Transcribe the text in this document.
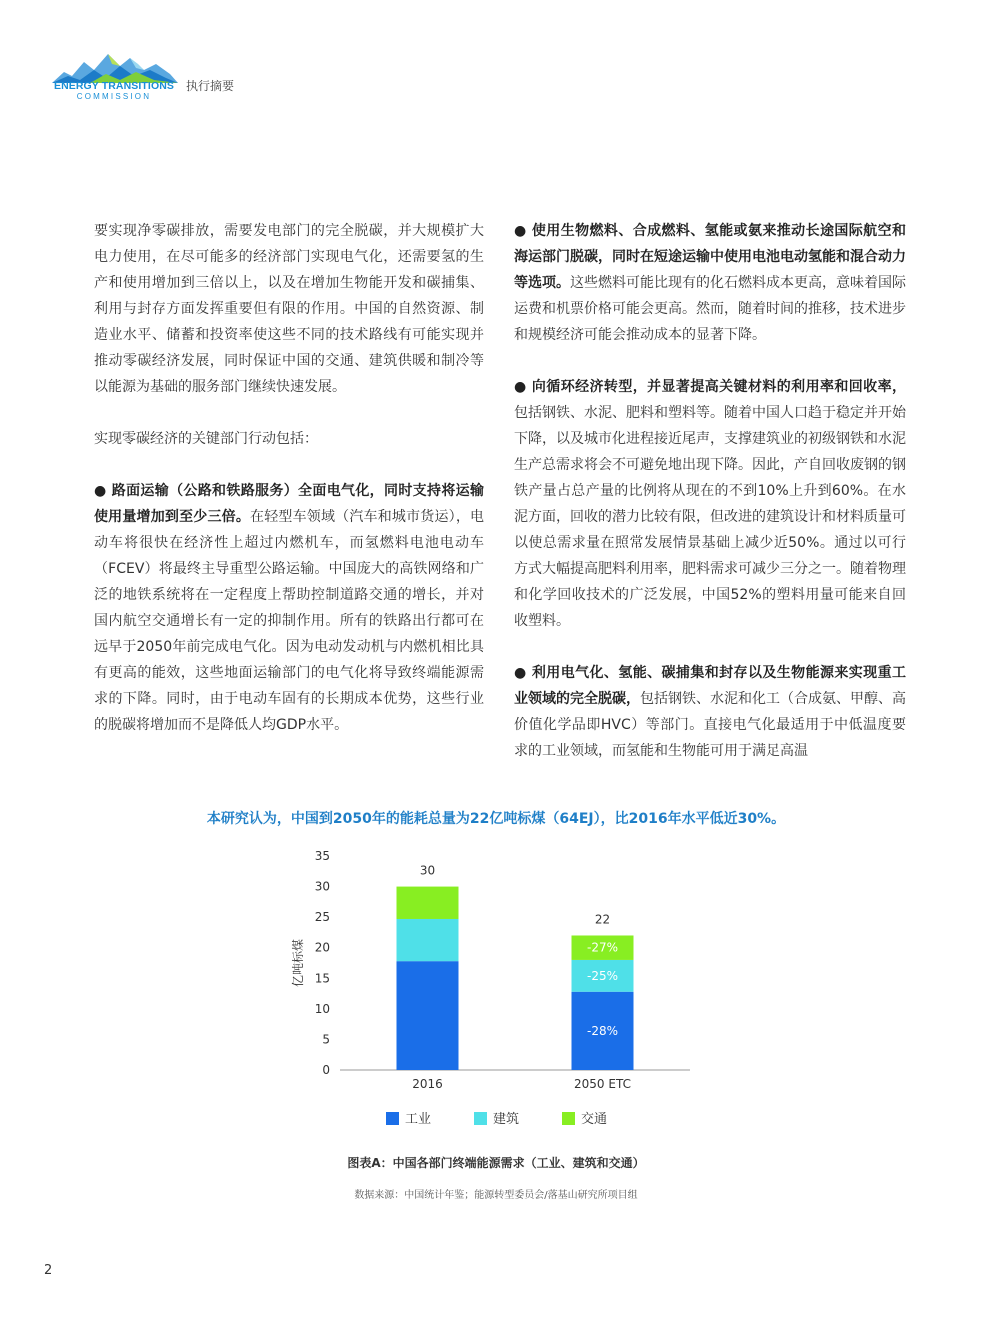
ENERGY TRANSITIONS
COMMISSION
执行摘要

要实现净零碳排放，需要发电部门的完全脱碳，并大规模扩大电力使用，在尽可能多的经济部门实现电气化，还需要氢的生产和使用增加到三倍以上，以及在增加生物能开发和碳捕集、利用与封存方面发挥重要但有限的作用。中国的自然资源、制造业水平、储蓄和投资率使这些不同的技术路线有可能实现并推动零碳经济发展，同时保证中国的交通、建筑供暖和制冷等以能源为基础的服务部门继续快速发展。

实现零碳经济的关键部门行动包括：

● 路面运输（公路和铁路服务）全面电气化，同时支持将运输使用量增加到至少三倍。在轻型车领域（汽车和城市货运），电动车将很快在经济性上超过内燃机车，而氢燃料电池电动车（FCEV）将最终主导重型公路运输。中国庞大的高铁网络和广泛的地铁系统将在一定程度上帮助控制道路交通的增长，并对国内航空交通增长有一定的抑制作用。所有的铁路出行都可在远早于2050年前完成电气化。因为电动发动机与内燃机相比具有更高的能效，这些地面运输部门的电气化将导致终端能源需求的下降。同时，由于电动车固有的长期成本优势，这些行业的脱碳将增加而不是降低人均GDP水平。

● 使用生物燃料、合成燃料、氢能或氨来推动长途国际航空和海运部门脱碳，同时在短途运输中使用电池电动氢能和混合动力等选项。这些燃料可能比现有的化石燃料成本更高，意味着国际运费和机票价格可能会更高。然而，随着时间的推移，技术进步和规模经济可能会推动成本的显著下降。

● 向循环经济转型，并显著提高关键材料的利用率和回收率，包括钢铁、水泥、肥料和塑料等。随着中国人口趋于稳定并开始下降，以及城市化进程接近尾声，支撑建筑业的初级钢铁和水泥生产总需求将会不可避免地出现下降。因此，产自回收废钢的钢铁产量占总产量的比例将从现在的不到10%上升到60%。在水泥方面，回收的潜力比较有限，但改进的建筑设计和材料质量可以使总需求量在照常发展情景基础上减少近50%。通过以可行方式大幅提高肥料利用率，肥料需求可减少三分之一。随着物理和化学回收技术的广泛发展，中国52%的塑料用量可能来自回收塑料。

● 利用电气化、氢能、碳捕集和封存以及生物能源来实现重工业领域的完全脱碳，包括钢铁、水泥和化工（合成氨、甲醇、高价值化学品即HVC）等部门。直接电气化最适用于中低温度要求的工业领域，而氢能和生物能可用于满足高温

本研究认为，中国到2050年的能耗总量为22亿吨标煤（64EJ），比2016年水平低近30%。
0
5
10
15
20
25
30
35
亿吨标煤
30
2016
-28%
-25%
-27%
22
2050 ETC
工业	建筑	交通
图表A：中国各部门终端能源需求（工业、建筑和交通）
数据来源：中国统计年鉴；能源转型委员会/落基山研究所项目组
2
